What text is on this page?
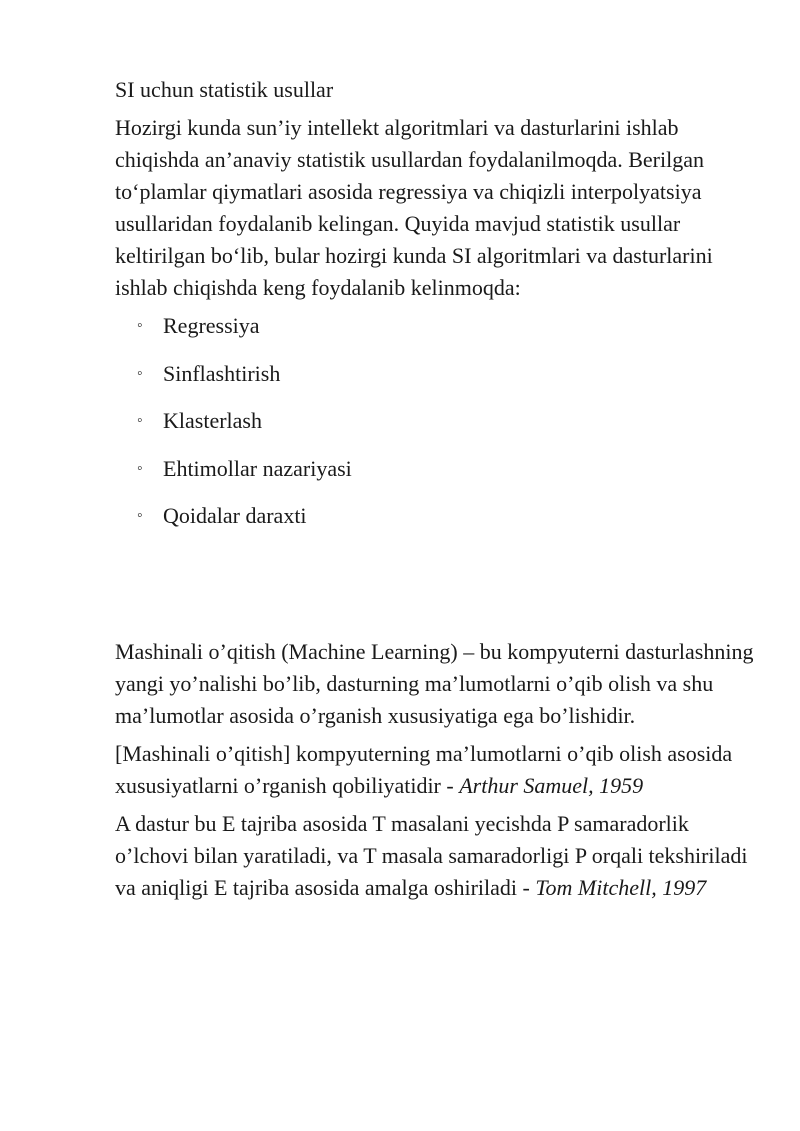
SI uchun statistik usullar

Hozirgi kunda sun’iy intellekt algoritmlari va dasturlarini ishlab chiqishda an’anaviy statistik usullardan foydalanilmoqda. Berilgan to‘plamlar qiymatlari asosida regressiya va chiqizli interpolyatsiya usullaridan foydalanib kelingan. Quyida mavjud statistik usullar keltirilgan bo‘lib, bular hozirgi kunda SI algoritmlari va dasturlarini ishlab chiqishda keng foydalanib kelinmoqda:

◦ Regressiya
◦ Sinflashtirish
◦ Klasterlash
◦ Ehtimollar nazariyasi
◦ Qoidalar daraxti

Mashinali o’qitish (Machine Learning) – bu kompyuterni dasturlashning yangi yo’nalishi bo’lib, dasturning ma’lumotlarni o’qib olish va shu ma’lumotlar asosida o’rganish xususiyatiga ega bo’lishidir.

[Mashinali o’qitish] kompyuterning ma’lumotlarni o’qib olish asosida xususiyatlarni o’rganish qobiliyatidir - Arthur Samuel, 1959

A dastur bu E tajriba asosida T masalani yecishda P samaradorlik o’lchovi bilan yaratiladi, va T masala samaradorligi P orqali tekshiriladi va aniqligi E tajriba asosida amalga oshiriladi - Tom Mitchell, 1997
